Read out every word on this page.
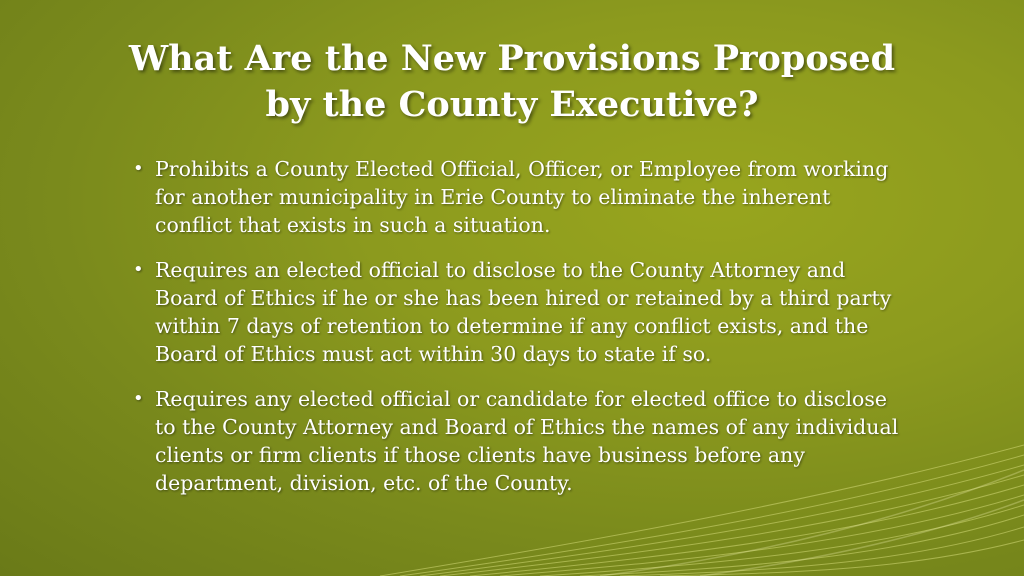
What Are the New Provisions Proposed
by the County Executive?
• Prohibits a County Elected Official, Officer, or Employee from working for another municipality in Erie County to eliminate the inherent conflict that exists in such a situation.
• Requires an elected official to disclose to the County Attorney and Board of Ethics if he or she has been hired or retained by a third party within 7 days of retention to determine if any conflict exists, and the Board of Ethics must act within 30 days to state if so.
• Requires any elected official or candidate for elected office to disclose to the County Attorney and Board of Ethics the names of any individual clients or firm clients if those clients have business before any department, division, etc. of the County.
